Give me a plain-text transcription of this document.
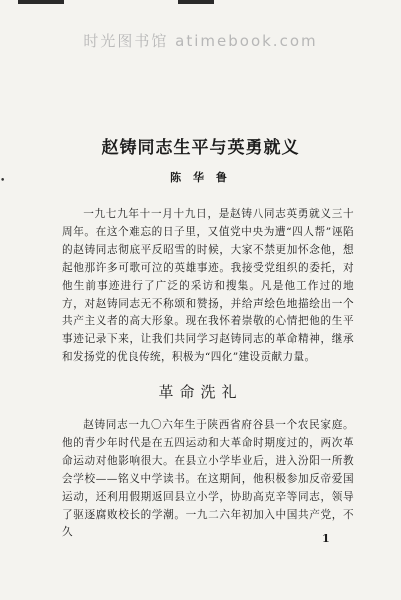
时光图书馆 atimebook.com
赵铸同志生平与英勇就义
陈 华 鲁
•

一九七九年十一月十九日，是赵铸八同志英勇就义三十周年。在这个难忘的日子里，又值党中央为遭“四人帮”诬陷的赵铸同志彻底平反昭雪的时候，大家不禁更加怀念他，想起他那许多可歌可泣的英雄事迹。我接受党组织的委托，对他生前事迹进行了广泛的采访和搜集。凡是他工作过的地方，对赵铸同志无不称颂和赞扬，并给声绘色地描绘出一个共产主义者的高大形象。现在我怀着崇敬的心情把他的生平事迹记录下来，让我们共同学习赵铸同志的革命精神，继承和发扬党的优良传统，积极为“四化”建设贡献力量。

革命洗礼

赵铸同志一九〇六年生于陕西省府谷县一个农民家庭。他的青少年时代是在五四运动和大革命时期度过的，两次革命运动对他影响很大。在县立小学毕业后，进入汾阳一所教会学校——铭义中学读书。在这期间，他积极参加反帝爱国运动，还利用假期返回县立小学，协助高克辛等同志，领导了驱逐腐败校长的学潮。一九二六年初加入中国共产党，不久	1
